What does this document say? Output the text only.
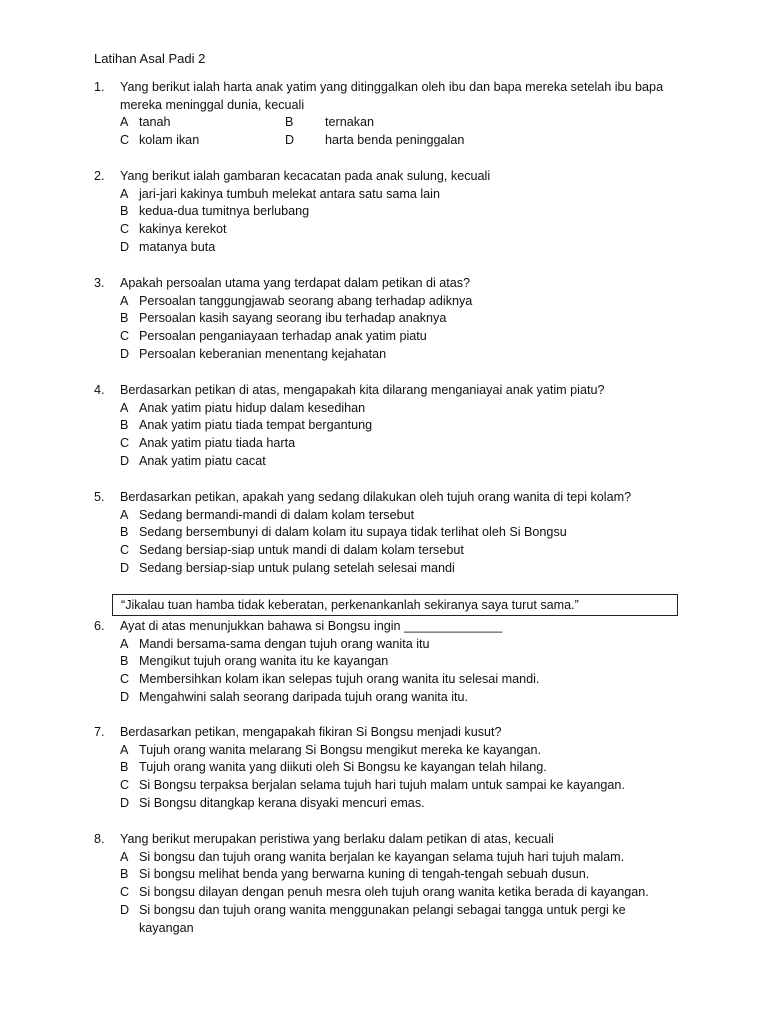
Latihan Asal Padi 2
1. Yang berikut ialah harta anak yatim yang ditinggalkan oleh ibu dan bapa mereka setelah ibu bapa mereka meninggal dunia, kecuali
A tanah	B	ternakan
C kolam ikan	D	harta benda peninggalan
2. Yang berikut ialah gambaran kecacatan pada anak sulung, kecuali
A jari-jari kakinya tumbuh melekat antara satu sama lain
B kedua-dua tumitnya berlubang
C kakinya kerekot
D matanya buta
3. Apakah persoalan utama yang terdapat dalam petikan di atas?
A Persoalan tanggungjawab seorang abang terhadap adiknya
B Persoalan kasih sayang seorang ibu terhadap anaknya
C Persoalan penganiayaan terhadap anak yatim piatu
D Persoalan keberanian menentang kejahatan
4. Berdasarkan petikan di atas, mengapakah kita dilarang menganiayai anak yatim piatu?
A Anak yatim piatu hidup dalam kesedihan
B Anak yatim piatu tiada tempat bergantung
C Anak yatim piatu tiada harta
D Anak yatim piatu cacat
5. Berdasarkan petikan, apakah yang sedang dilakukan oleh tujuh orang wanita di tepi kolam?
A Sedang bermandi-mandi di dalam kolam tersebut
B Sedang bersembunyi di dalam kolam itu supaya tidak terlihat oleh Si Bongsu
C Sedang bersiap-siap untuk mandi di dalam kolam tersebut
D Sedang bersiap-siap untuk pulang setelah selesai mandi
“Jikalau tuan hamba tidak keberatan, perkenankanlah sekiranya saya turut sama.”
6. Ayat di atas menunjukkan bahawa si Bongsu ingin ______________
A Mandi bersama-sama dengan tujuh orang wanita itu
B Mengikut tujuh orang wanita itu ke kayangan
C Membersihkan kolam ikan selepas tujuh orang wanita itu selesai mandi.
D Mengahwini salah seorang daripada tujuh orang wanita itu.
7. Berdasarkan petikan, mengapakah fikiran Si Bongsu menjadi kusut?
A Tujuh orang wanita melarang Si Bongsu mengikut mereka ke kayangan.
B Tujuh orang wanita yang diikuti oleh Si Bongsu ke kayangan telah hilang.
C Si Bongsu terpaksa berjalan selama tujuh hari tujuh malam untuk sampai ke kayangan.
D Si Bongsu ditangkap kerana disyaki mencuri emas.
8. Yang berikut merupakan peristiwa yang berlaku dalam petikan di atas, kecuali
A Si bongsu dan tujuh orang wanita berjalan ke kayangan selama tujuh hari tujuh malam.
B Si bongsu melihat benda yang berwarna kuning di tengah-tengah sebuah dusun.
C Si bongsu dilayan dengan penuh mesra oleh tujuh orang wanita ketika berada di kayangan.
D Si bongsu dan tujuh orang wanita menggunakan pelangi sebagai tangga untuk pergi ke kayangan
